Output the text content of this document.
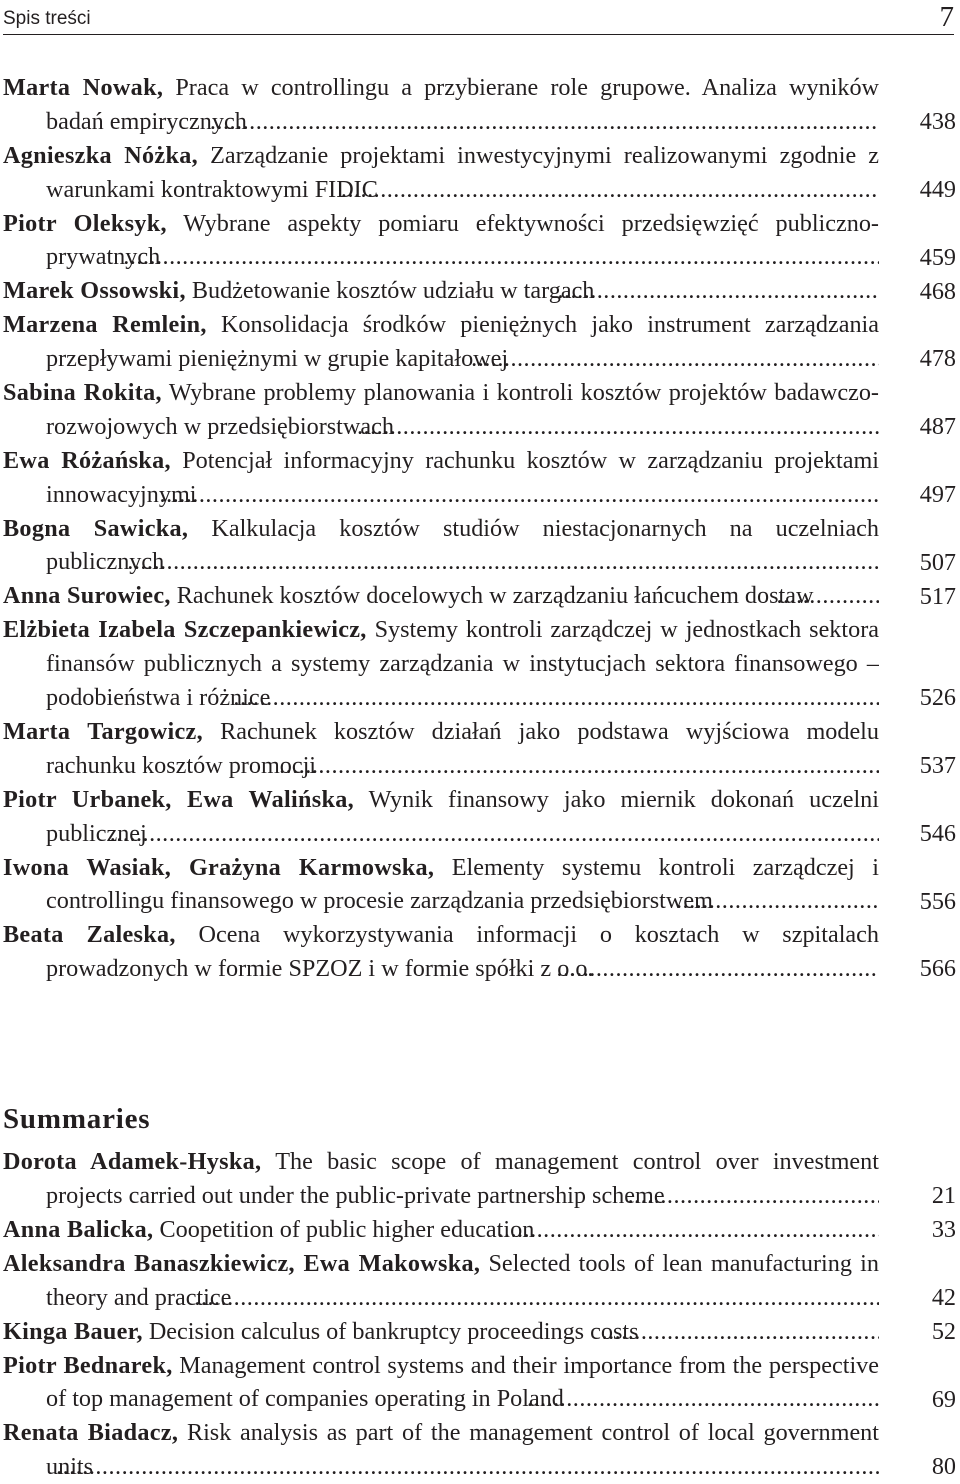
Spis treści	7
Marta Nowak, Praca w controllingu a przybierane role grupowe. Analiza wyników badań empirycznych	438
Agnieszka Nóżka, Zarządzanie projektami inwestycyjnymi realizowanymi zgodnie z warunkami kontraktowymi FIDIC	449
Piotr Oleksyk, Wybrane aspekty pomiaru efektywności przedsięwzięć publiczno-prywatnych	459
Marek Ossowski, Budżetowanie kosztów udziału w targach	468
Marzena Remlein, Konsolidacja środków pieniężnych jako instrument zarządzania przepływami pieniężnymi w grupie kapitałowej	478
Sabina Rokita, Wybrane problemy planowania i kontroli kosztów projektów badawczo-rozwojowych w przedsiębiorstwach	487
Ewa Różańska, Potencjał informacyjny rachunku kosztów w zarządzaniu projektami innowacyjnymi	497
Bogna Sawicka, Kalkulacja kosztów studiów niestacjonarnych na uczelniach publicznych	507
Anna Surowiec, Rachunek kosztów docelowych w zarządzaniu łańcuchem dostaw	517
Elżbieta Izabela Szczepankiewicz, Systemy kontroli zarządczej w jednostkach sektora finansów publicznych a systemy zarządzania w instytucjach sektora finansowego – podobieństwa i różnice	526
Marta Targowicz, Rachunek kosztów działań jako podstawa wyjściowa modelu rachunku kosztów promocji	537
Piotr Urbanek, Ewa Walińska, Wynik finansowy jako miernik dokonań uczelni publicznej	546
Iwona Wasiak, Grażyna Karmowska, Elementy systemu kontroli zarządczej i controllingu finansowego w procesie zarządzania przedsiębiorstwem	556
Beata Zaleska, Ocena wykorzystywania informacji o kosztach w szpitalach prowadzonych w formie SPZOZ i w formie spółki z o.o.	566
Summaries
Dorota Adamek-Hyska, The basic scope of management control over investment projects carried out under the public-private partnership scheme	21
Anna Balicka, Coopetition of public higher education	33
Aleksandra Banaszkiewicz, Ewa Makowska, Selected tools of lean manufacturing in theory and practice	42
Kinga Bauer, Decision calculus of bankruptcy proceedings costs	52
Piotr Bednarek, Management control systems and their importance from the perspective of top management of companies operating in Poland	69
Renata Biadacz, Risk analysis as part of the management control of local government units	80
